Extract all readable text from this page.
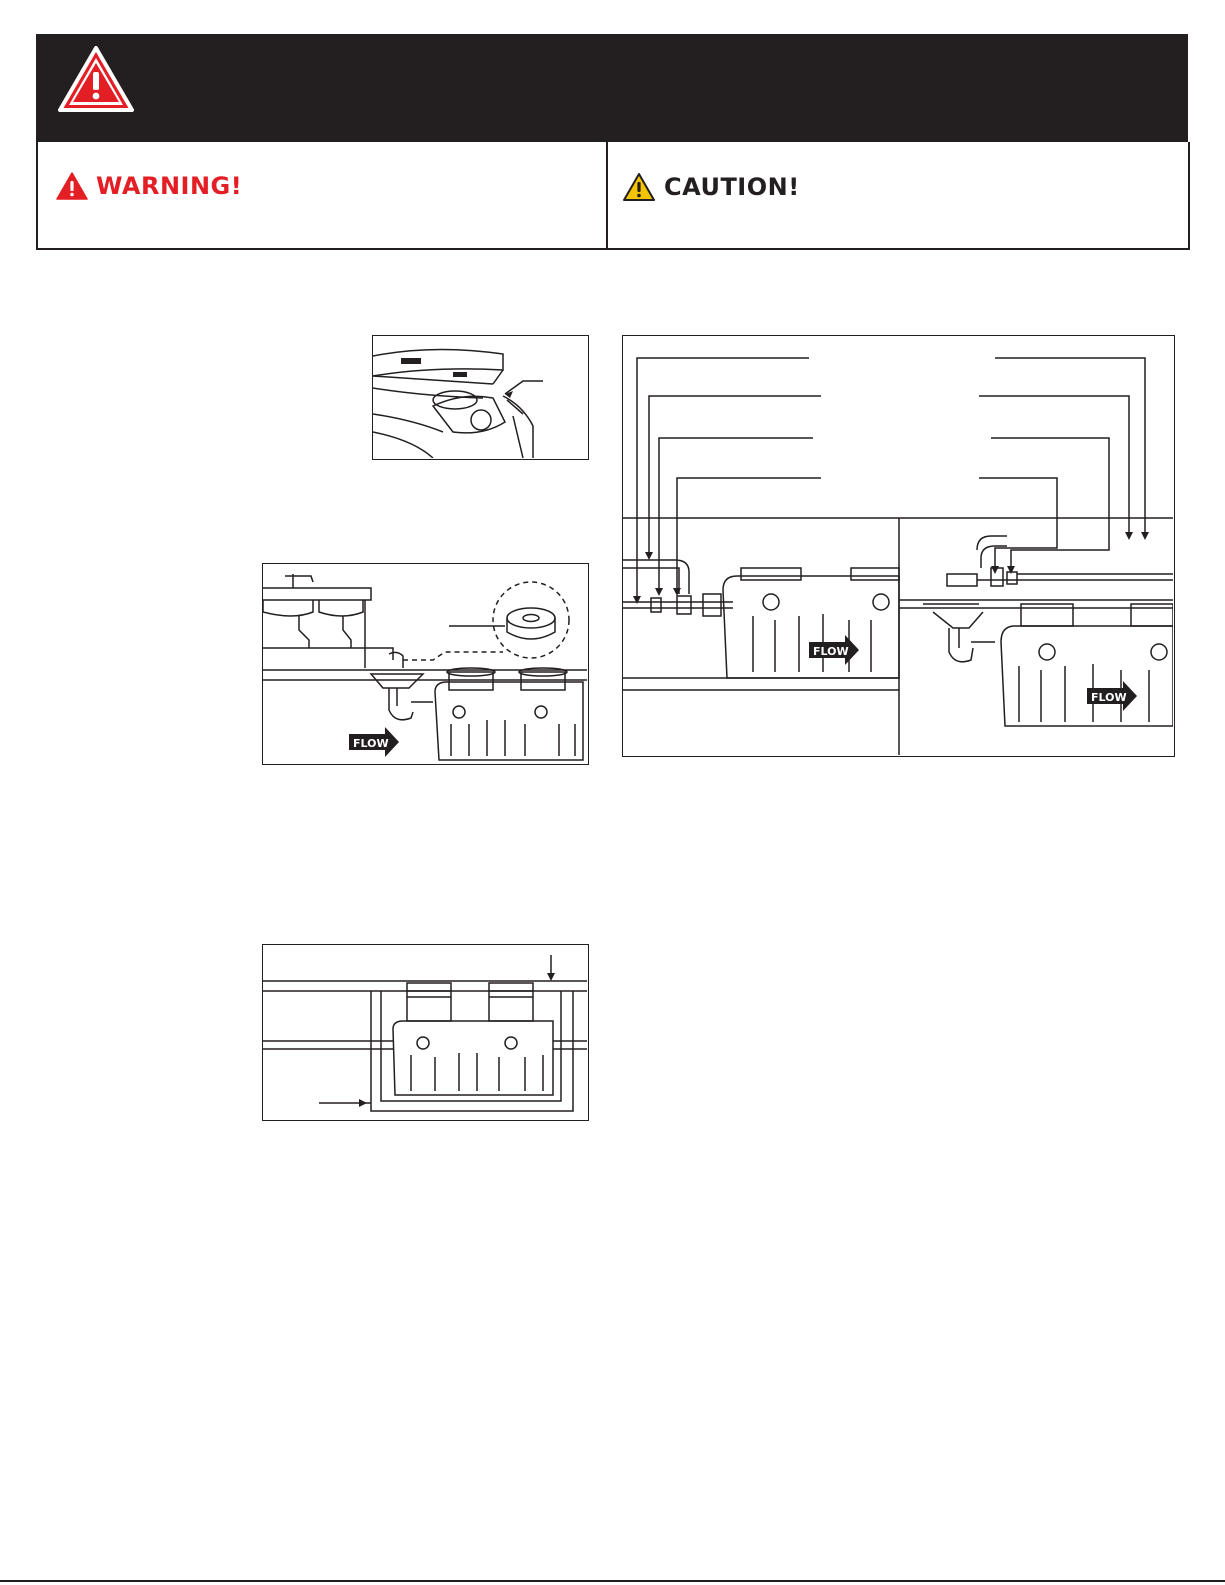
WARNING!	CAUTION!
FLOW
FLOW
FLOW
